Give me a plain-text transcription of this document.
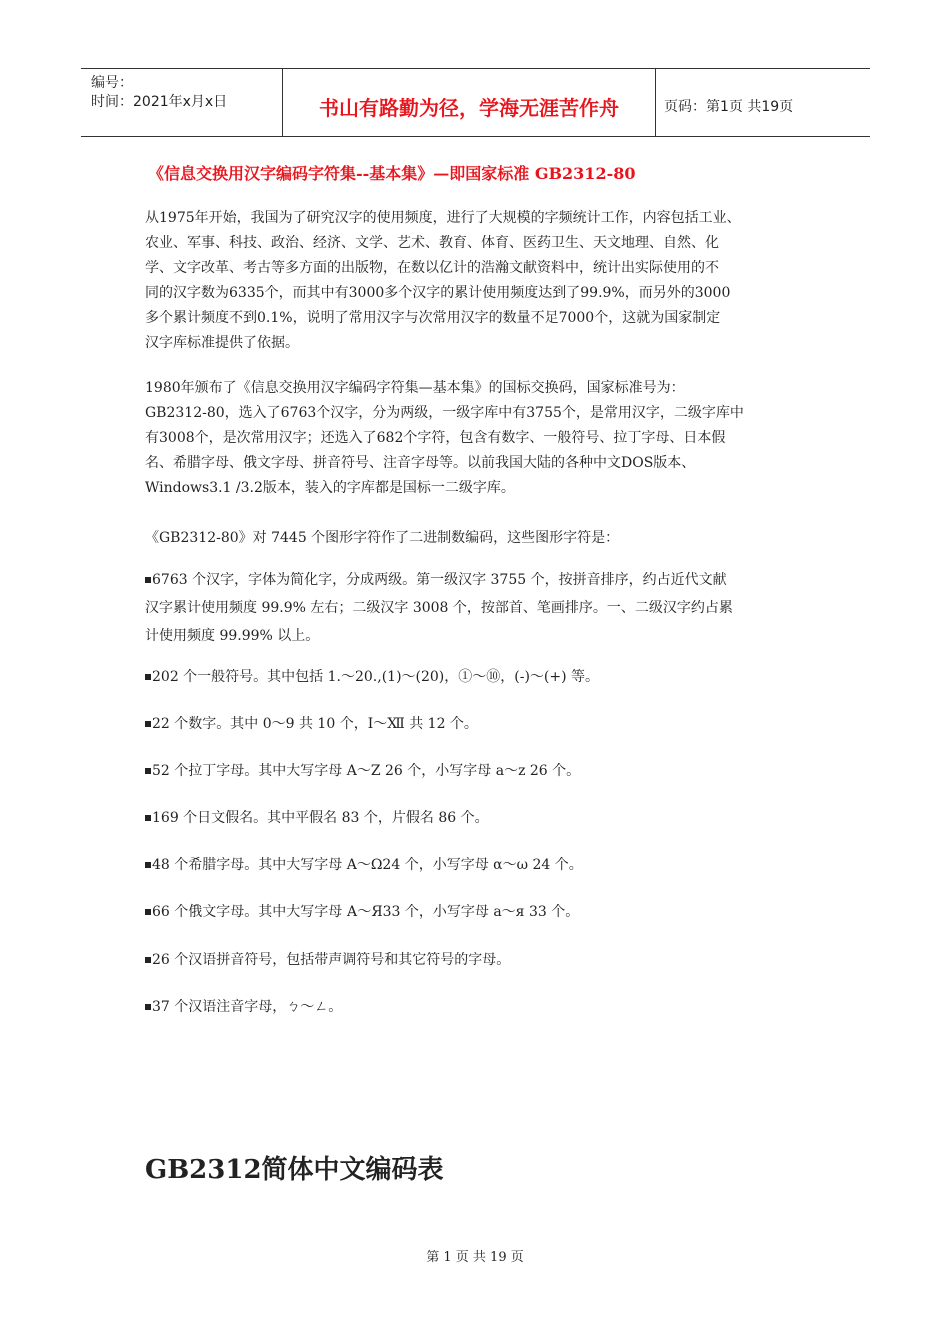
编号：
时间：2021年x月x日	书山有路勤为径，学海无涯苦作舟	页码：第1页 共19页
《信息交换用汉字编码字符集--基本集》—即国家标准 GB2312-80
从1975年开始，我国为了研究汉字的使用频度，进行了大规模的字频统计工作，内容包括工业、
农业、军事、科技、政治、经济、文学、艺术、教育、体育、医药卫生、天文地理、自然、化
学、文字改革、考古等多方面的出版物，在数以亿计的浩瀚文献资料中，统计出实际使用的不
同的汉字数为6335个，而其中有3000多个汉字的累计使用频度达到了99.9%，而另外的3000
多个累计频度不到0.1%，说明了常用汉字与次常用汉字的数量不足7000个，这就为国家制定
汉字库标准提供了依据。
1980年颁布了《信息交换用汉字编码字符集—基本集》的国标交换码，国家标准号为：
GB2312-80，选入了6763个汉字，分为两级，一级字库中有3755个，是常用汉字，二级字库中
有3008个，是次常用汉字；还选入了682个字符，包含有数字、一般符号、拉丁字母、日本假
名、希腊字母、俄文字母、拼音符号、注音字母等。以前我国大陆的各种中文DOS版本、
Windows3.1 /3.2版本，装入的字库都是国标一二级字库。
《GB2312-80》对 7445 个图形字符作了二进制数编码，这些图形字符是：
6763 个汉字，字体为简化字，分成两级。第一级汉字 3755 个，按拼音排序，约占近代文献
汉字累计使用频度 99.9% 左右；二级汉字 3008 个，按部首、笔画排序。一、二级汉字约占累
计使用频度 99.99% 以上。
202 个一般符号。其中包括 1.～20.,(1)～(20)，①～⑩，(-)～(+) 等。
22 个数字。其中 0～9 共 10 个，Ⅰ～Ⅻ 共 12 个。
52 个拉丁字母。其中大写字母 A～Z 26 个，小写字母 a～z 26 个。
169 个日文假名。其中平假名 83 个，片假名 86 个。
48 个希腊字母。其中大写字母 Α～Ω24 个，小写字母 α～ω 24 个。
66 个俄文字母。其中大写字母 А～Я33 个，小写字母 а～я 33 个。
26 个汉语拼音符号，包括带声调符号和其它符号的字母。
37 个汉语注音字母，ㄅ～ㄥ。
GB2312简体中文编码表
第 1 页 共 19 页
